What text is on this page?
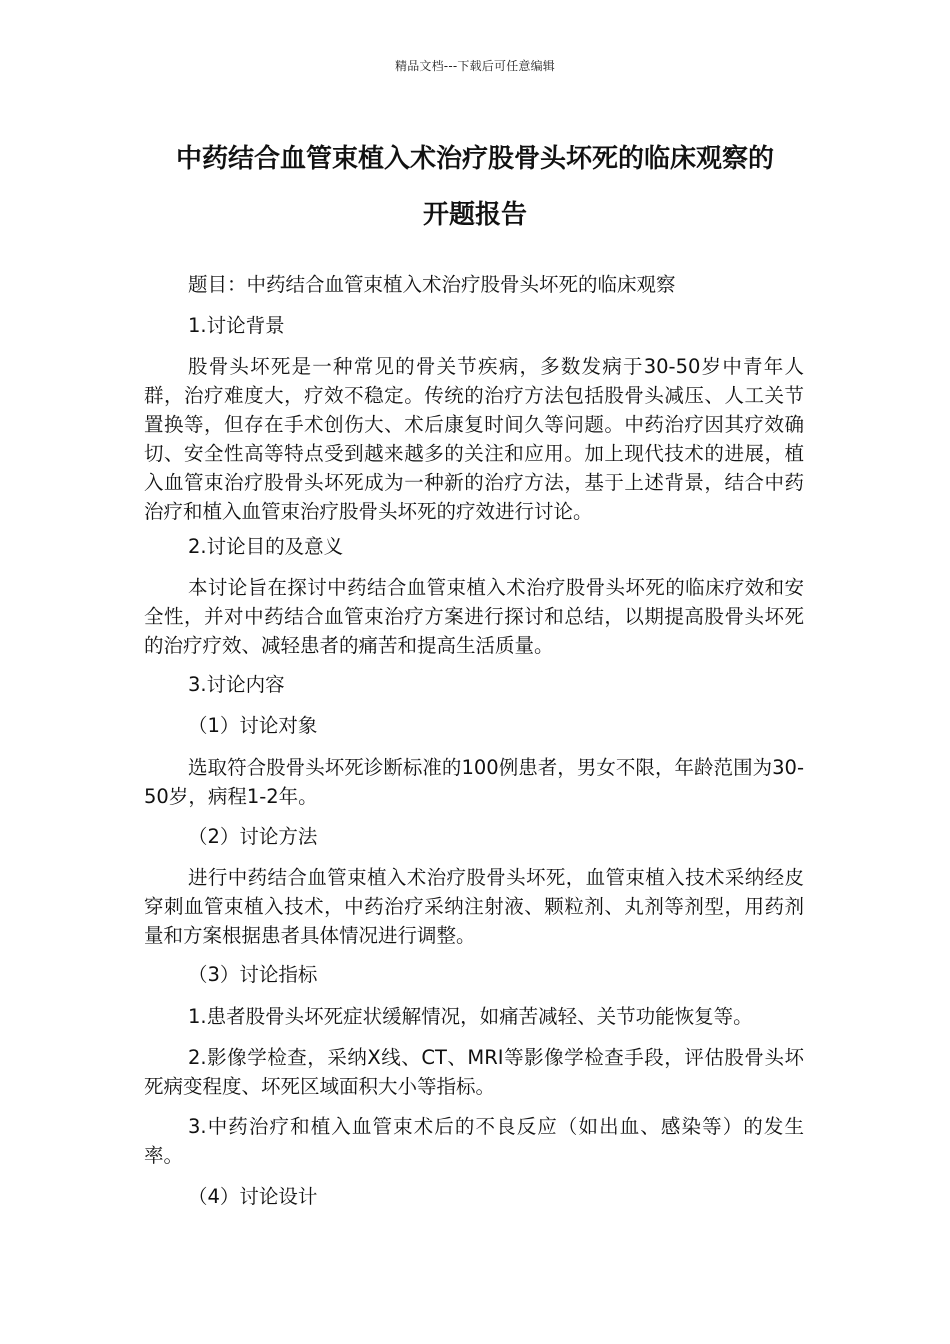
精品文档---下载后可任意编辑
中药结合血管束植入术治疗股骨头坏死的临床观察的
开题报告

题目：中药结合血管束植入术治疗股骨头坏死的临床观察

1.讨论背景

股骨头坏死是一种常见的骨关节疾病，多数发病于30-50岁中青年人群，治疗难度大，疗效不稳定。传统的治疗方法包括股骨头减压、人工关节置换等，但存在手术创伤大、术后康复时间久等问题。中药治疗因其疗效确切、安全性高等特点受到越来越多的关注和应用。加上现代技术的进展，植入血管束治疗股骨头坏死成为一种新的治疗方法，基于上述背景，结合中药治疗和植入血管束治疗股骨头坏死的疗效进行讨论。

2.讨论目的及意义

本讨论旨在探讨中药结合血管束植入术治疗股骨头坏死的临床疗效和安全性，并对中药结合血管束治疗方案进行探讨和总结，以期提高股骨头坏死的治疗疗效、减轻患者的痛苦和提高生活质量。

3.讨论内容

（1）讨论对象

选取符合股骨头坏死诊断标准的100例患者，男女不限，年龄范围为30-50岁，病程1-2年。

（2）讨论方法

进行中药结合血管束植入术治疗股骨头坏死，血管束植入技术采纳经皮穿刺血管束植入技术，中药治疗采纳注射液、颗粒剂、丸剂等剂型，用药剂量和方案根据患者具体情况进行调整。

（3）讨论指标

1.患者股骨头坏死症状缓解情况，如痛苦减轻、关节功能恢复等。

2.影像学检查，采纳X线、CT、MRI等影像学检查手段，评估股骨头坏死病变程度、坏死区域面积大小等指标。

3.中药治疗和植入血管束术后的不良反应（如出血、感染等）的发生率。

（4）讨论设计
